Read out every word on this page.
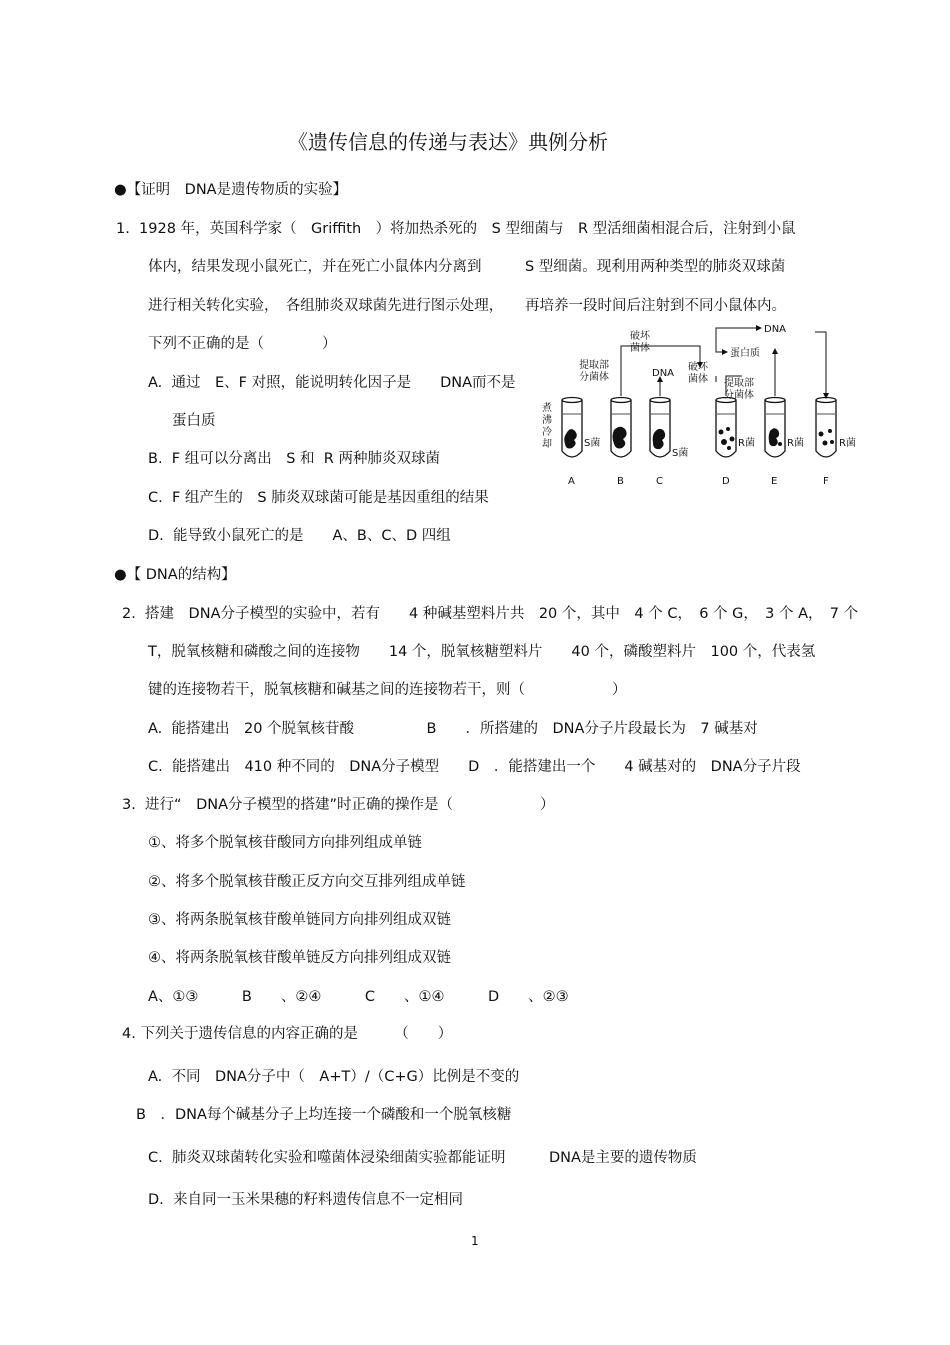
《遗传信息的传递与表达》典例分析
●【证明　DNA是遗传物质的实验】
1.  1928 年，英国科学家（　Griffith　）将加热杀死的　S 型细菌与　R 型活细菌相混合后，注射到小鼠
体内，结果发现小鼠死亡，并在死亡小鼠体内分离到　　　S 型细菌。现利用两种类型的肺炎双球菌
进行相关转化实验，　各组肺炎双球菌先进行图示处理，　　再培养一段时间后注射到不同小鼠体内。
下列不正确的是（　　　　）
A.  通过　E、F 对照，能说明转化因子是　　DNA而不是
蛋白质
B.  F 组可以分离出　S 和  R 两种肺炎双球菌
C.  F 组产生的　S 肺炎双球菌可能是基因重组的结果
D.  能导致小鼠死亡的是　　A、B、C、D 四组
煮
沸
冷
却	S菌
S菌
R菌	R菌	R菌
提取部
分菌体
破坏
菌体
DNA
破坏
菌体 提取部
分菌体
DNA
蛋白质
A	B	C	D	E	F
●【 DNA的结构】
2.  搭建　DNA分子模型的实验中，若有　　4 种碱基塑料片共　20 个，其中　4 个 C，　6 个 G，　3 个 A，　7 个
T，脱氧核糖和磷酸之间的连接物　　14 个，脱氧核糖塑料片　　40 个，磷酸塑料片　100 个，代表氢
键的连接物若干，脱氧核糖和碱基之间的连接物若干，则（　　　　　　）
A.  能搭建出　20 个脱氧核苷酸　　　　　B　　．所搭建的　DNA分子片段最长为　7 碱基对
C.  能搭建出　410 种不同的　DNA分子模型　　D　．能搭建出一个　　4 碱基对的　DNA分子片段
3.  进行“　DNA分子模型的搭建”时正确的操作是（　　　　　　）
①、将多个脱氧核苷酸同方向排列组成单链
②、将多个脱氧核苷酸正反方向交互排列组成单链
③、将两条脱氧核苷酸单链同方向排列组成双链
④、将两条脱氧核苷酸单链反方向排列组成双链
A、①③　　　B　　、②④　　　C　　、①④　　　D　　、②③
4. 下列关于遗传信息的内容正确的是　　　（　　）
A.  不同　DNA分子中（　A+T）/（C+G）比例是不变的
B　．DNA每个碱基分子上均连接一个磷酸和一个脱氧核糖
C.  肺炎双球菌转化实验和噬菌体浸染细菌实验都能证明　　　DNA是主要的遗传物质
D.  来自同一玉米果穗的籽料遗传信息不一定相同
1
